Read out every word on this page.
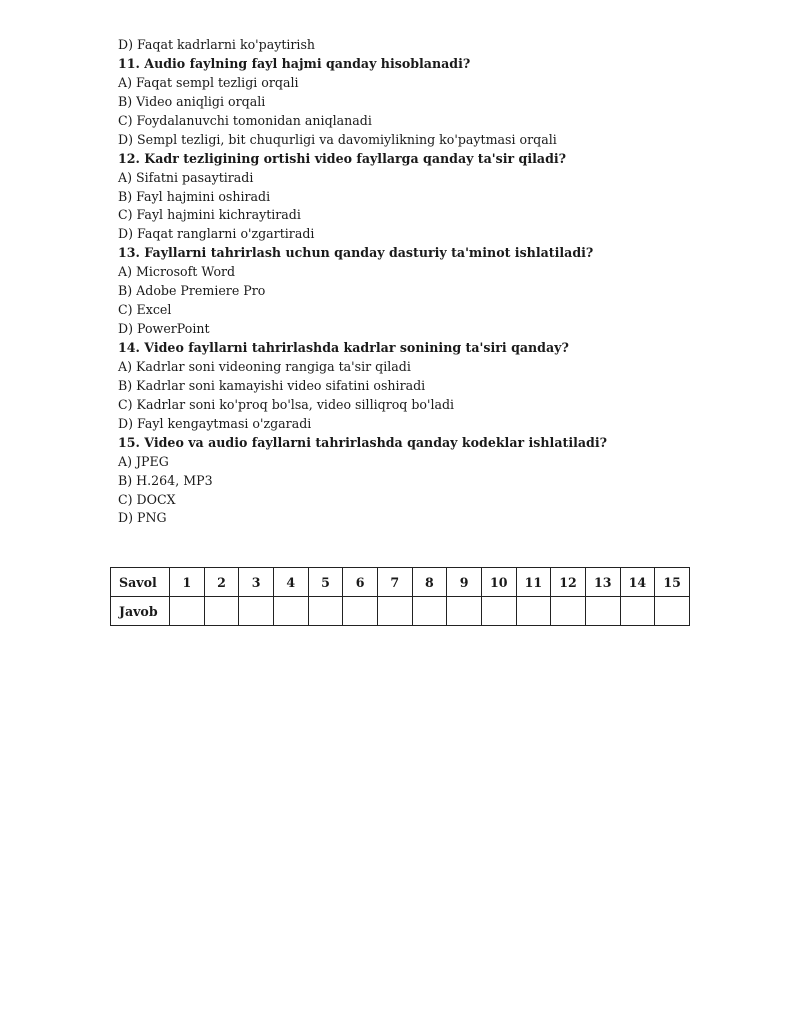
D) Faqat kadrlarni ko'paytirish
11. Audio faylning fayl hajmi qanday hisoblanadi?
A) Faqat sempl tezligi orqali
B) Video aniqligi orqali
C) Foydalanuvchi tomonidan aniqlanadi
D) Sempl tezligi, bit chuqurligi va davomiylikning ko'paytmasi orqali
12. Kadr tezligining ortishi video fayllarga qanday ta'sir qiladi?
A) Sifatni pasaytiradi
B) Fayl hajmini oshiradi
C) Fayl hajmini kichraytiradi
D) Faqat ranglarni o'zgartiradi
13. Fayllarni tahrirlash uchun qanday dasturiy ta'minot ishlatiladi?
A) Microsoft Word
B) Adobe Premiere Pro
C) Excel
D) PowerPoint
14. Video fayllarni tahrirlashda kadrlar sonining ta'siri qanday?
A) Kadrlar soni videoning rangiga ta'sir qiladi
B) Kadrlar soni kamayishi video sifatini oshiradi
C) Kadrlar soni ko'proq bo'lsa, video silliqroq bo'ladi
D) Fayl kengaytmasi o'zgaradi
15. Video va audio fayllarni tahrirlashda qanday kodeklar ishlatiladi?
A) JPEG
B) H.264, MP3
C) DOCX
D) PNG
Savol	1	2	3	4	5	6	7	8	9	10	11	12	13	14	15
Javob															
